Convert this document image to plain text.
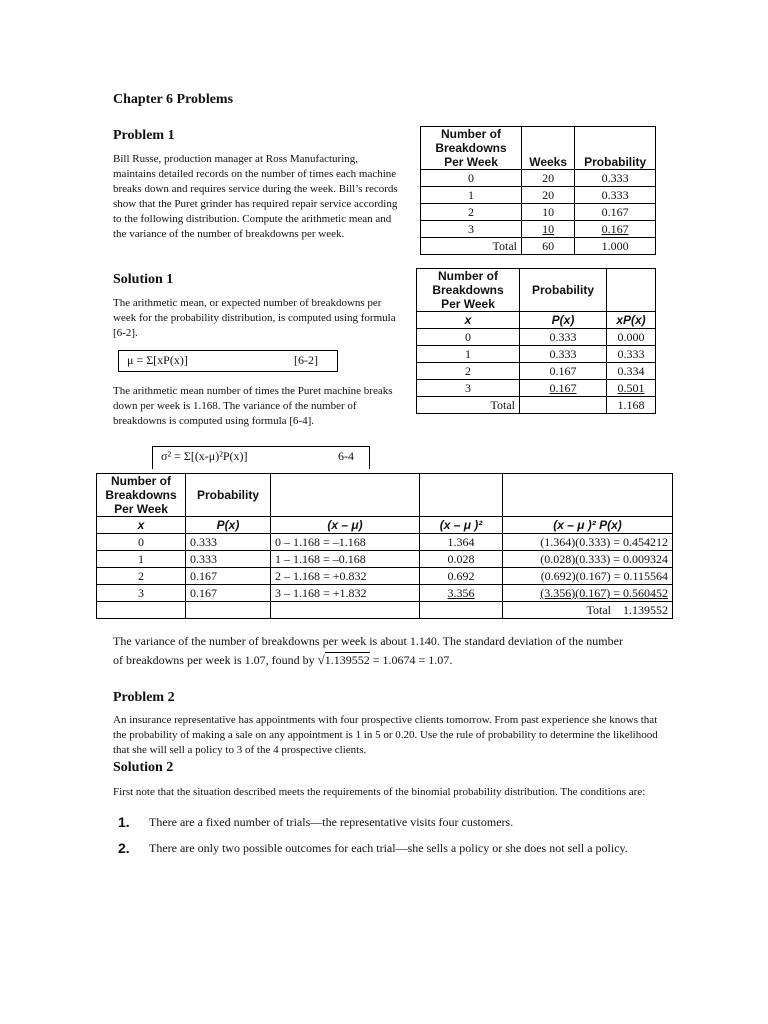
Chapter 6 Problems
Problem 1
Bill Russe, production manager at Ross Manufacturing, maintains detailed records on the number of times each machine breaks down and requires service during the week. Bill’s records show that the Puret grinder has required repair service according to the following distribution. Compute the arithmetic mean and the variance of the number of breakdowns per week.
Number of Breakdowns Per Week	Weeks	Probability
0	20	0.333
1	20	0.333
2	10	0.167
3	10	0.167
Total	60	1.000
Solution 1
The arithmetic mean, or expected number of breakdowns per week for the probability distribution, is computed using formula [6-2].
μ = Σ[xP(x)]	[6-2]
The arithmetic mean number of times the Puret machine breaks down per week is 1.168. The variance of the number of breakdowns is computed using formula [6-4].
σ² = Σ[(x-μ)²P(x)]	6-4
Number of Breakdowns Per Week	Probability	
x	P(x)	xP(x)
0	0.333	0.000
1	0.333	0.333
2	0.167	0.334
3	0.167	0.501
Total		1.168
Number of Breakdowns Per Week	Probability			
x	P(x)	(x – μ)	(x – μ )²	(x – μ )² P(x)
0	0.333	0 – 1.168 = –1.168	1.364	(1.364)(0.333) = 0.454212
1	0.333	1 – 1.168 = –0.168	0.028	(0.028)(0.333) = 0.009324
2	0.167	2 – 1.168 = +0.832	0.692	(0.692)(0.167) = 0.115564
3	0.167	3 – 1.168 = +1.832	3.356	(3.356)(0.167) = 0.560452
				Total 1.139552
The variance of the number of breakdowns per week is about 1.140. The standard deviation of the number
of breakdowns per week is 1.07, found by √1.139552 = 1.0674 = 1.07.
Problem 2
An insurance representative has appointments with four prospective clients tomorrow. From past experience she knows that the probability of making a sale on any appointment is 1 in 5 or 0.20. Use the rule of probability to determine the likelihood that she will sell a policy to 3 of the 4 prospective clients.
Solution 2
First note that the situation described meets the requirements of the binomial probability distribution. The conditions are:
1. There are a fixed number of trials—the representative visits four customers.
2. There are only two possible outcomes for each trial—she sells a policy or she does not sell a policy.
